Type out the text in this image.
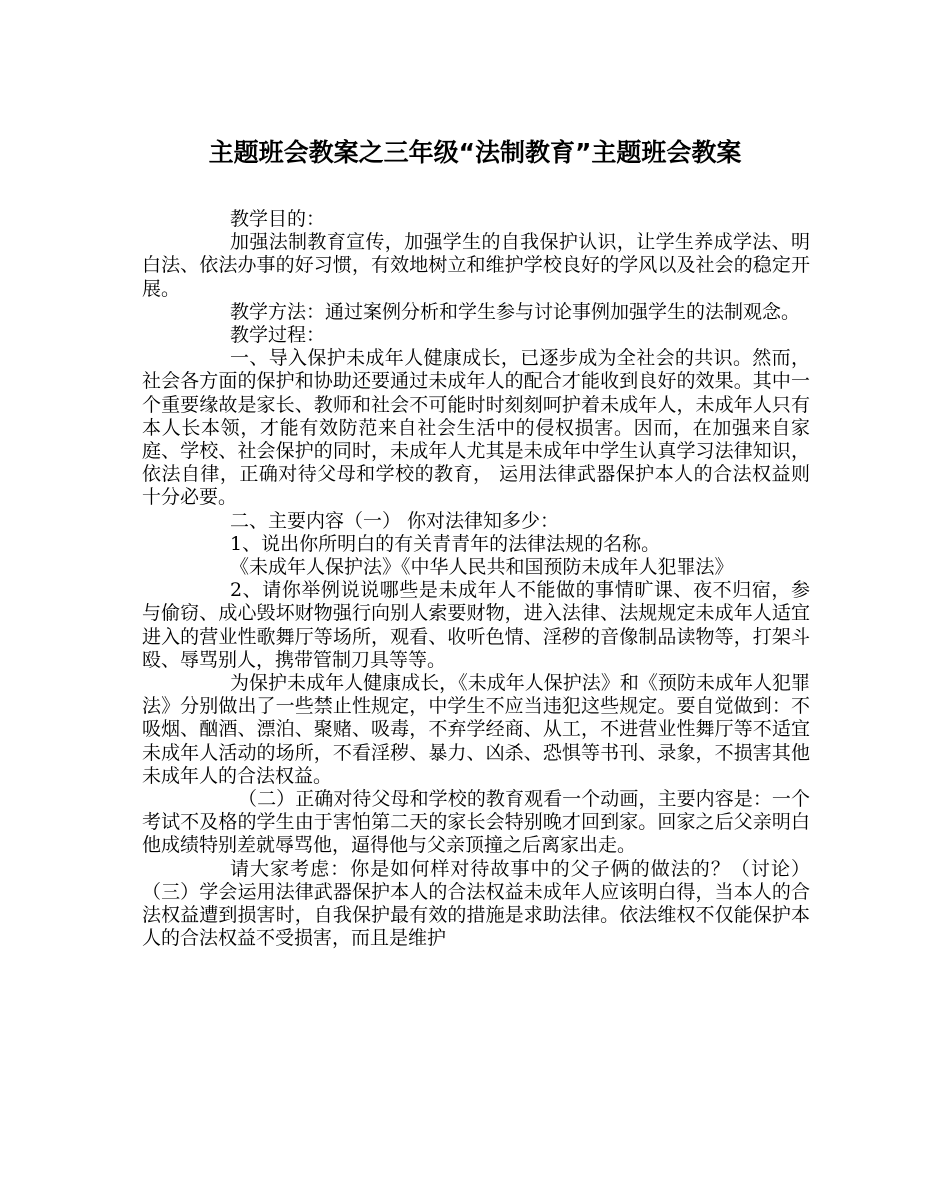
主题班会教案之三年级“法制教育”主题班会教案

教学目的：

加强法制教育宣传，加强学生的自我保护认识，让学生养成学法、明白法、依法办事的好习惯，有效地树立和维护学校良好的学风以及社会的稳定开展。

教学方法：通过案例分析和学生参与讨论事例加强学生的法制观念。

教学过程：

一、导入保护未成年人健康成长，已逐步成为全社会的共识。然而，社会各方面的保护和协助还要通过未成年人的配合才能收到良好的效果。其中一个重要缘故是家长、教师和社会不可能时时刻刻呵护着未成年人，未成年人只有本人长本领，才能有效防范来自社会生活中的侵权损害。因而，在加强来自家庭、学校、社会保护的同时，未成年人尤其是未成年中学生认真学习法律知识，依法自律，正确对待父母和学校的教育， 运用法律武器保护本人的合法权益则十分必要。

二、主要内容（一） 你对法律知多少：

1、说出你所明白的有关青青年的法律法规的名称。

《未成年人保护法》《中华人民共和国预防未成年人犯罪法》

2、请你举例说说哪些是未成年人不能做的事情旷课、夜不归宿，参与偷窃、成心毁坏财物强行向别人索要财物，进入法律、法规规定未成年人适宜进入的营业性歌舞厅等场所，观看、收听色情、淫秽的音像制品读物等，打架斗殴、辱骂别人，携带管制刀具等等。

为保护未成年人健康成长，《未成年人保护法》和《预防未成年人犯罪法》分别做出了一些禁止性规定，中学生不应当违犯这些规定。要自觉做到：不吸烟、酗酒、漂泊、聚赌、吸毒，不弃学经商、从工，不进营业性舞厅等不适宜未成年人活动的场所，不看淫秽、暴力、凶杀、恐惧等书刊、录象，不损害其他未成年人的合法权益。

（二）正确对待父母和学校的教育观看一个动画，主要内容是：一个考试不及格的学生由于害怕第二天的家长会特别晚才回到家。回家之后父亲明白他成绩特别差就辱骂他，逼得他与父亲顶撞之后离家出走。

请大家考虑：你是如何样对待故事中的父子俩的做法的？（讨论）（三）学会运用法律武器保护本人的合法权益未成年人应该明白得，当本人的合法权益遭到损害时，自我保护最有效的措施是求助法律。依法维权不仅能保护本人的合法权益不受损害，而且是维护
